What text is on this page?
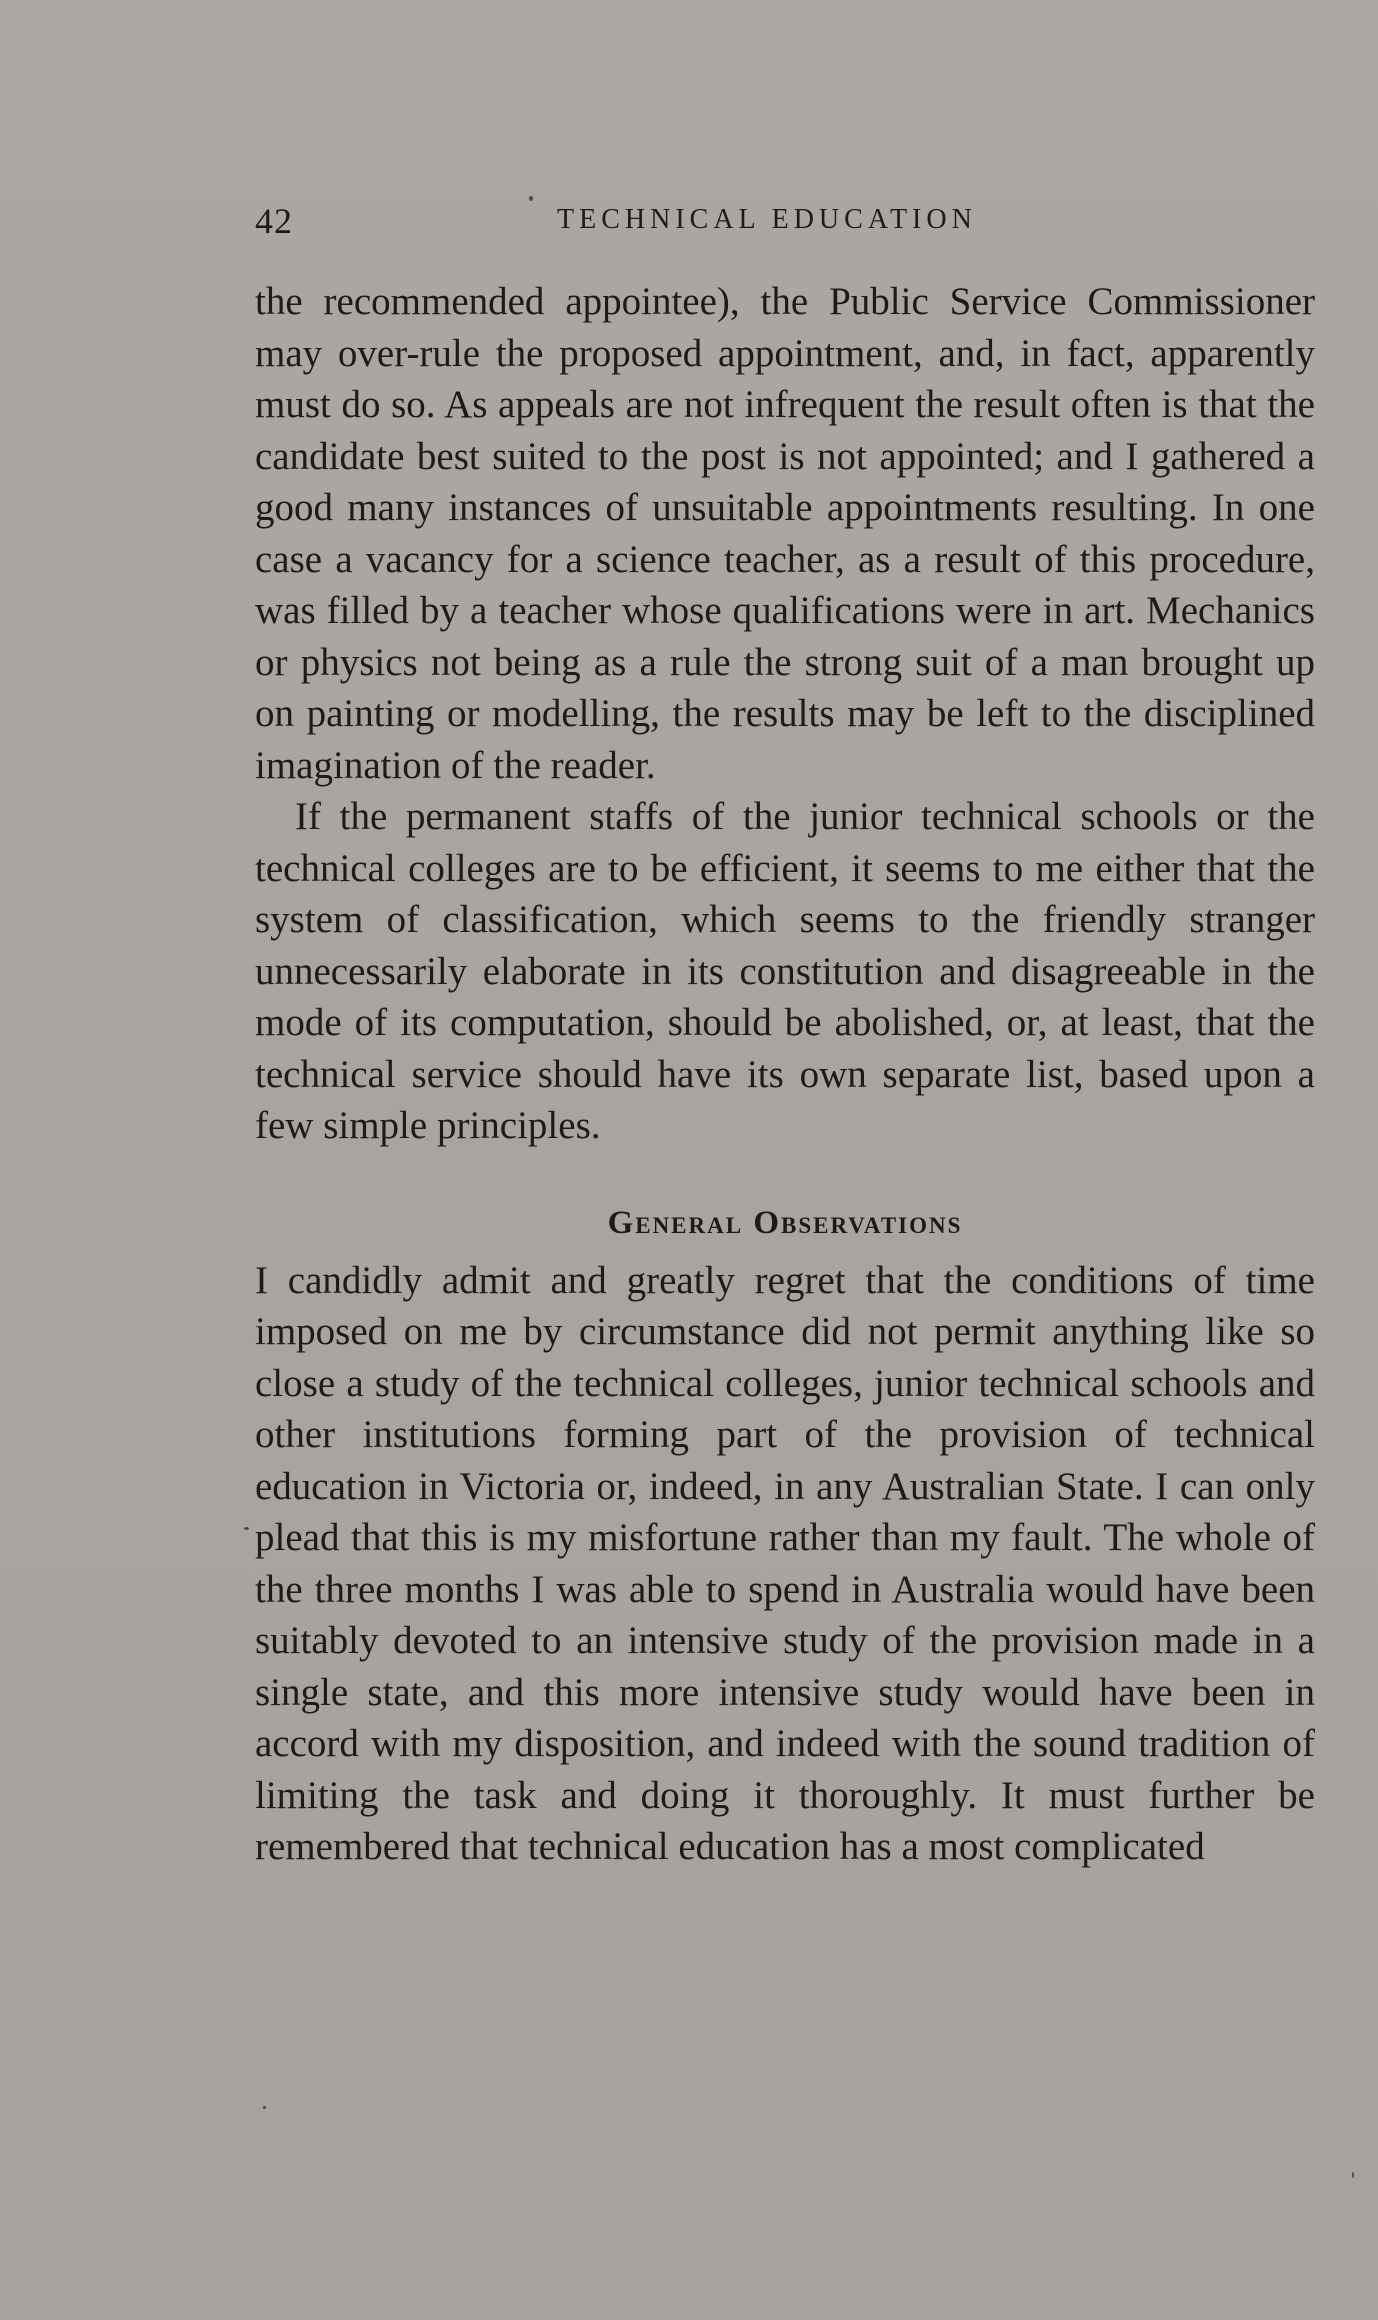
42	TECHNICAL EDUCATION

the recommended appointee), the Public Service Commissioner may over-rule the proposed appointment, and, in fact, apparently must do so. As appeals are not infrequent the result often is that the candidate best suited to the post is not appointed; and I gathered a good many instances of unsuitable appointments resulting. In one case a vacancy for a science teacher, as a result of this procedure, was filled by a teacher whose qualifications were in art. Mechanics or physics not being as a rule the strong suit of a man brought up on painting or modelling, the results may be left to the disciplined imagination of the reader.

If the permanent staffs of the junior technical schools or the technical colleges are to be efficient, it seems to me either that the system of classification, which seems to the friendly stranger unnecessarily elaborate in its constitution and disagreeable in the mode of its computation, should be abolished, or, at least, that the technical service should have its own separate list, based upon a few simple principles.

General Observations

I candidly admit and greatly regret that the conditions of time imposed on me by circumstance did not permit anything like so close a study of the technical colleges, junior technical schools and other institutions forming part of the provision of technical education in Victoria or, indeed, in any Australian State. I can only plead that this is my misfortune rather than my fault. The whole of the three months I was able to spend in Australia would have been suitably devoted to an intensive study of the provision made in a single state, and this more intensive study would have been in accord with my disposition, and indeed with the sound tradition of limiting the task and doing it thoroughly. It must further be remembered that technical education has a most complicated
